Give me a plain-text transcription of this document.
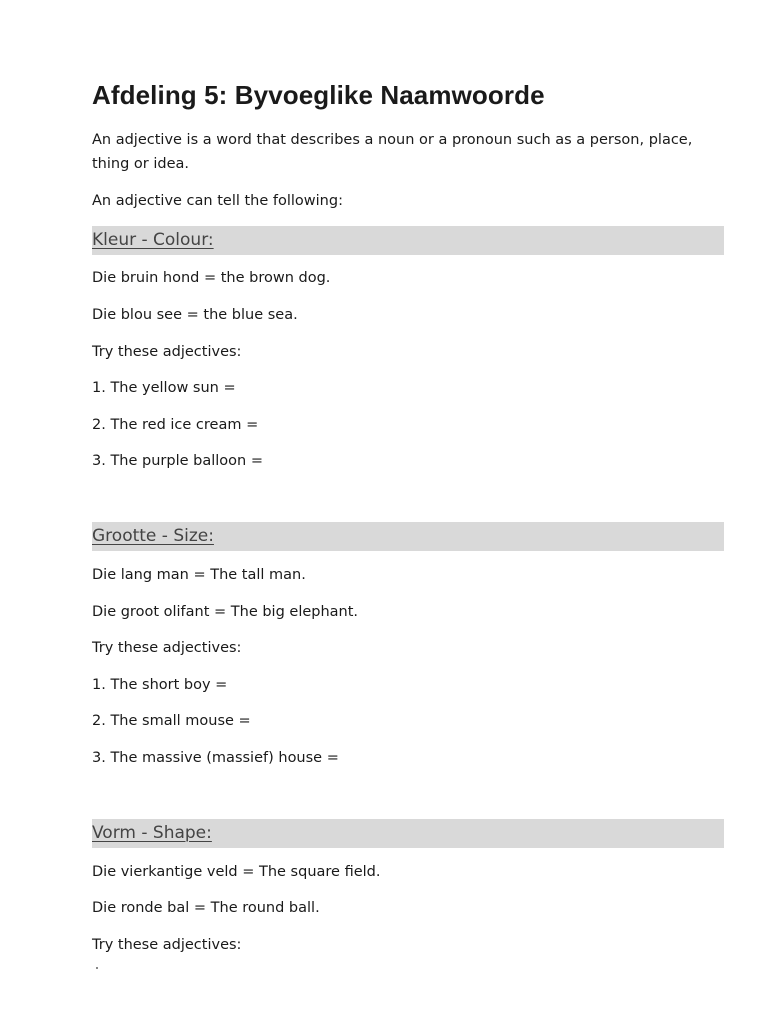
Afdeling 5: Byvoeglike Naamwoorde

An adjective is a word that describes a noun or a pronoun such as a person, place, thing or idea.

An adjective can tell the following:

Kleur - Colour:

Die bruin hond = the brown dog.

Die blou see = the blue sea.

Try these adjectives:

1. The yellow sun =

2. The red ice cream =

3. The purple balloon =

Grootte - Size:

Die lang man = The tall man.

Die groot olifant = The big elephant.

Try these adjectives:

1. The short boy =

2. The small mouse =

3. The massive (massief) house =

Vorm - Shape:

Die vierkantige veld = The square field.

Die ronde bal = The round ball.

Try these adjectives:
